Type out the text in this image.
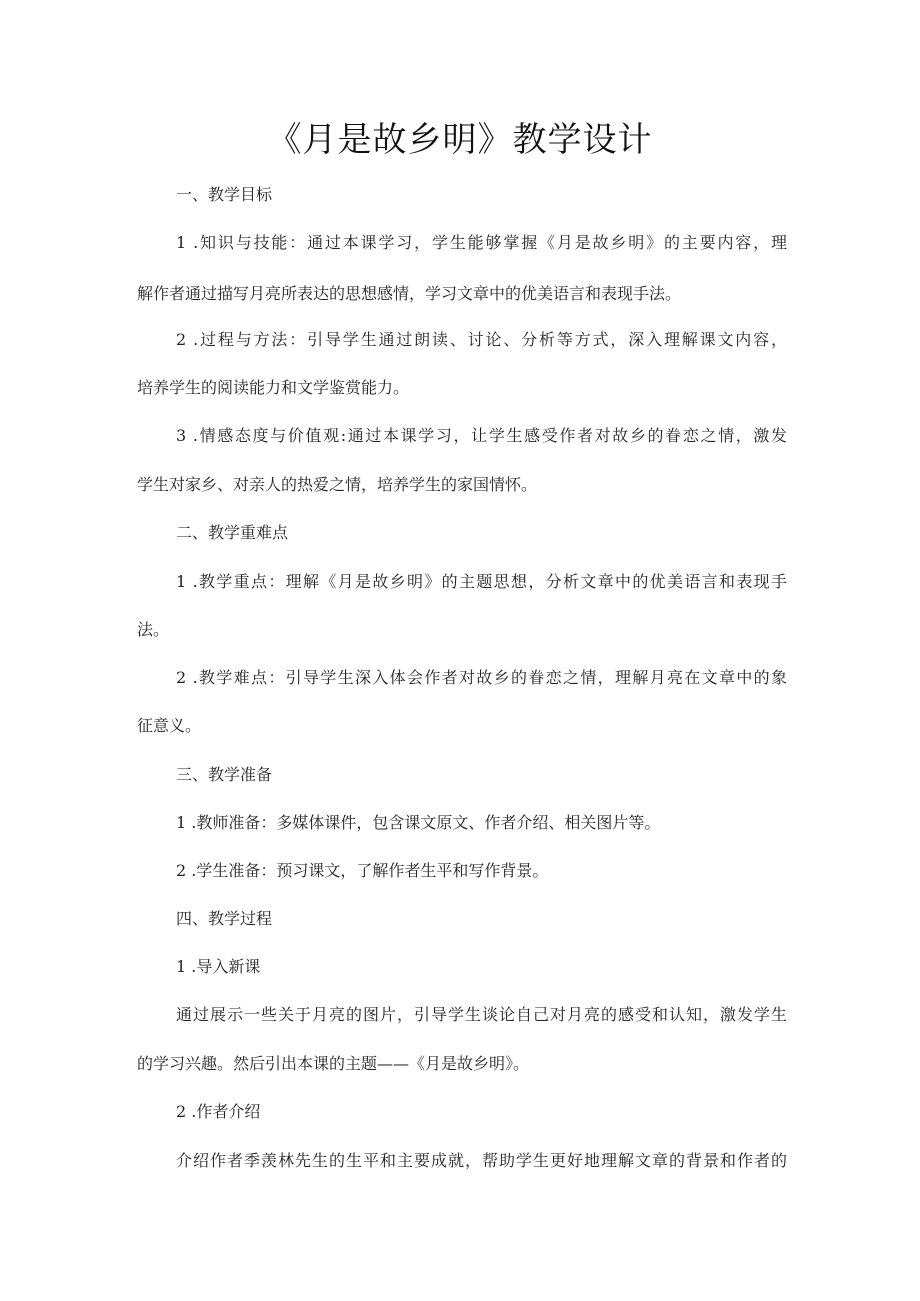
《月是故乡明》教学设计
一、教学目标
1 .知识与技能：通过本课学习，学生能够掌握《月是故乡明》的主要内容，理
解作者通过描写月亮所表达的思想感情，学习文章中的优美语言和表现手法。
2 .过程与方法：引导学生通过朗读、讨论、分析等方式，深入理解课文内容，
培养学生的阅读能力和文学鉴赏能力。
3 .情感态度与价值观:通过本课学习，让学生感受作者对故乡的眷恋之情，激发
学生对家乡、对亲人的热爱之情，培养学生的家国情怀。
二、教学重难点
1 .教学重点：理解《月是故乡明》的主题思想，分析文章中的优美语言和表现手
法。
2 .教学难点：引导学生深入体会作者对故乡的眷恋之情，理解月亮在文章中的象
征意义。
三、教学准备
1 .教师准备：多媒体课件，包含课文原文、作者介绍、相关图片等。
2 .学生准备：预习课文，了解作者生平和写作背景。
四、教学过程
1 .导入新课
通过展示一些关于月亮的图片，引导学生谈论自己对月亮的感受和认知，激发学生
的学习兴趣。然后引出本课的主题——《月是故乡明》。
2 .作者介绍
介绍作者季羡林先生的生平和主要成就，帮助学生更好地理解文章的背景和作者的
